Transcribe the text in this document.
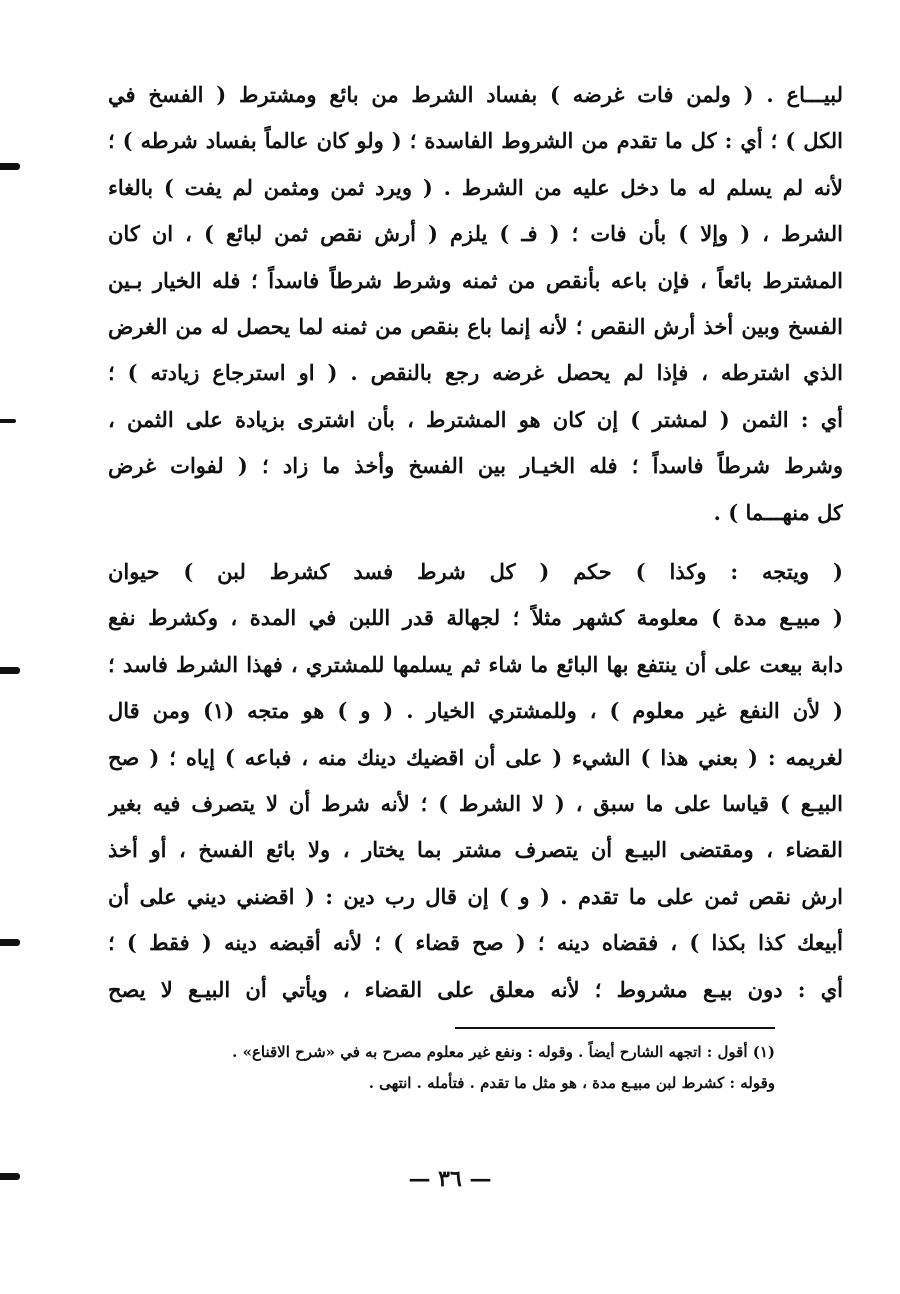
لبيـــاع . ( ولمن فات غرضه ) بفساد الشرط من بائع ومشترط ( الفسخ في
الكل ) ؛ أي : كل ما تقدم من الشروط الفاسدة ؛ ( ولو كان عالماً بفساد شرطه ) ؛
لأنه لم يسلم له ما دخل عليه من الشرط . ( ويرد ثمن ومثمن لم يفت ) بالغاء
الشرط ، ( وإلا ) بأن فات ؛ ( فـ ) يلزم ( أرش نقص ثمن لبائع ) ، ان كان
المشترط بائعاً ، فإن باعه بأنقص من ثمنه وشرط شرطاً فاسداً ؛ فله الخيار بـين
الفسخ وبين أخذ أرش النقص ؛ لأنه إنما باع بنقص من ثمنه لما يحصل له من الغرض
الذي اشترطه ، فإذا لم يحصل غرضه رجع بالنقص . ( او استرجاع زيادته ) ؛
أي : الثمن ( لمشتر ) إن كان هو المشترط ، بأن اشترى بزيادة على الثمن ،
وشرط شرطاً فاسداً ؛ فله الخيـار بين الفسخ وأخذ ما زاد ؛ ( لفوات غرض
كل منهـــما ) .
( ويتجه : وكذا ) حكم ( كل شرط فسد كشرط لبن ) حيوان
( مبيـع مدة ) معلومة كشهر مثلاً ؛ لجهالة قدر اللبن في المدة ، وكشرط نفع
دابة بيعت على أن ينتفع بها البائع ما شاء ثم يسلمها للمشتري ، فهذا الشرط فاسد ؛
( لأن النفع غير معلوم ) ، وللمشتري الخيار . ( و ) هو متجه (١) ومن قال
لغريمه : ( بعني هذا ) الشيء ( على أن اقضيك دينك منه ، فباعه ) إياه ؛ ( صح
البيـع ) قياسا على ما سبق ، ( لا الشرط ) ؛ لأنه شرط أن لا يتصرف فيه بغير
القضاء ، ومقتضى البيـع أن يتصرف مشتر بما يختار ، ولا بائع الفسخ ، أو أخذ
ارش نقص ثمن على ما تقدم . ( و ) إن قال رب دين : ( اقضني ديني على أن
أبيعك كذا بكذا ) ، فقضاه دينه ؛ ( صح قضاء ) ؛ لأنه أقبضه دينه ( فقط ) ؛
أي : دون بيـع مشروط ؛ لأنه معلق على القضاء ، ويأتي أن البيـع لا يصح
(١) أقول : اتجهه الشارح أيضاً . وقوله : ونفع غير معلوم مصرح به في «شرح الاقناع» .
وقوله : كشرط لبن مبيـع مدة ، هو مثل ما تقدم . فتأمله . انتهى .
— ٣٦ —
